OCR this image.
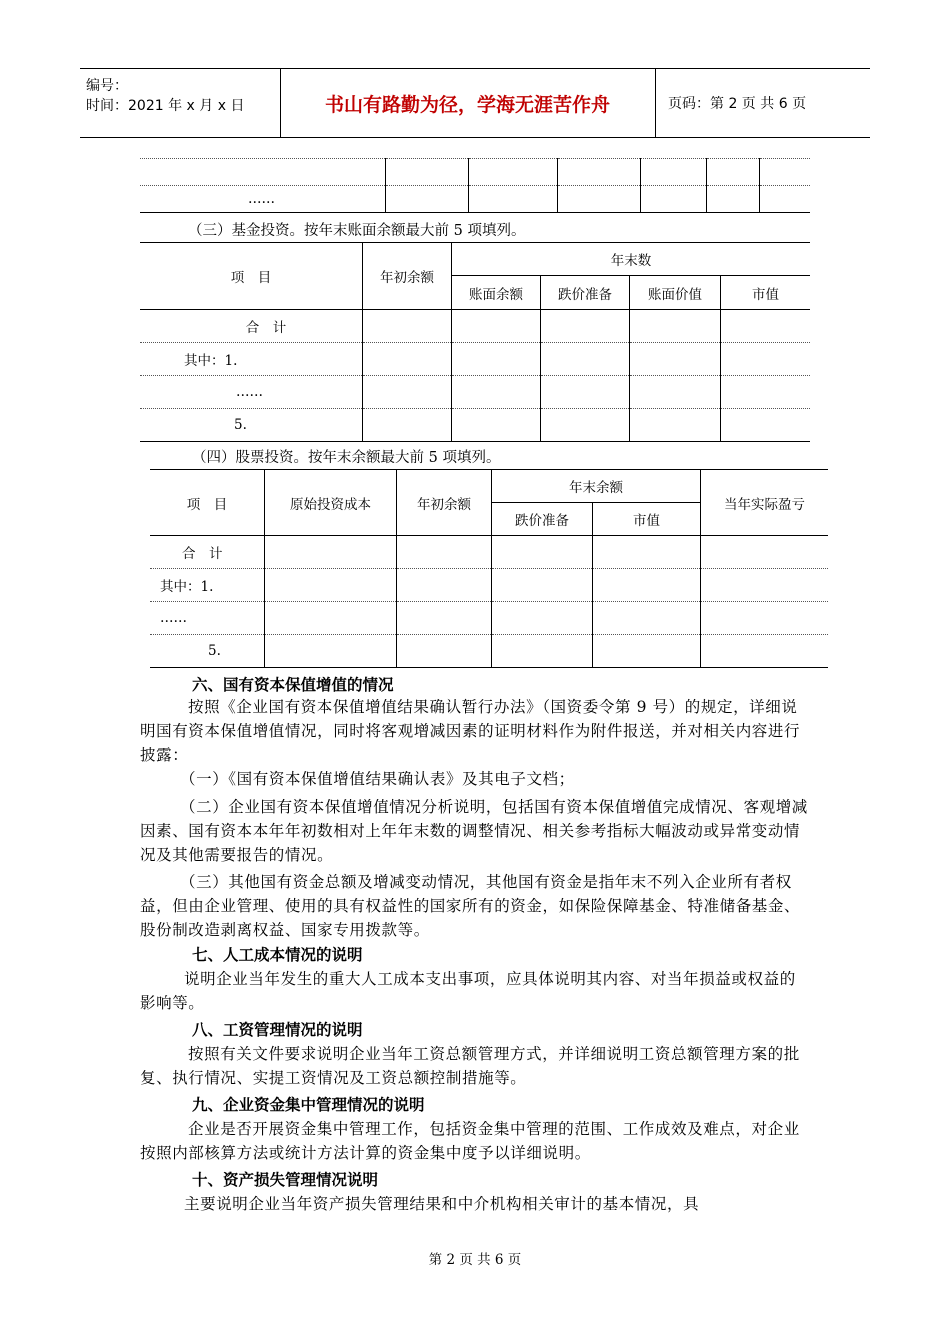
编号：
时间：2021 年 x 月 x 日	书山有路勤为径，学海无涯苦作舟	页码：第 2 页 共 6 页

……						
（三）基金投资。按年末账面余额最大前 5 项填列。
项　目	年初余额	年末数			
		账面余额	跌价准备	账面价值	市值
合　计					
其中：1.					
……					
5.					
（四）股票投资。按年末余额最大前 5 项填列。
项　目	原始投资成本	年初余额	年末余额		当年实际盈亏
			跌价准备	市值	
合　计					
其中：1.					
……					
5.					
六、国有资本保值增值的情况
按照《企业国有资本保值增值结果确认暂行办法》（国资委令第 9 号）的规定，详细说明国有资本保值增值情况，同时将客观增减因素的证明材料作为附件报送，并对相关内容进行披露：
（一）《国有资本保值增值结果确认表》及其电子文档；
（二）企业国有资本保值增值情况分析说明，包括国有资本保值增值完成情况、客观增减因素、国有资本本年年初数相对上年年末数的调整情况、相关参考指标大幅波动或异常变动情况及其他需要报告的情况。
（三）其他国有资金总额及增减变动情况，其他国有资金是指年末不列入企业所有者权益，但由企业管理、使用的具有权益性的国家所有的资金，如保险保障基金、特准储备基金、股份制改造剥离权益、国家专用拨款等。
七、人工成本情况的说明
说明企业当年发生的重大人工成本支出事项，应具体说明其内容、对当年损益或权益的影响等。
八、工资管理情况的说明
按照有关文件要求说明企业当年工资总额管理方式，并详细说明工资总额管理方案的批复、执行情况、实提工资情况及工资总额控制措施等。
九、企业资金集中管理情况的说明
企业是否开展资金集中管理工作，包括资金集中管理的范围、工作成效及难点，对企业按照内部核算方法或统计方法计算的资金集中度予以详细说明。
十、资产损失管理情况说明
主要说明企业当年资产损失管理结果和中介机构相关审计的基本情况，具
第 2 页 共 6 页
